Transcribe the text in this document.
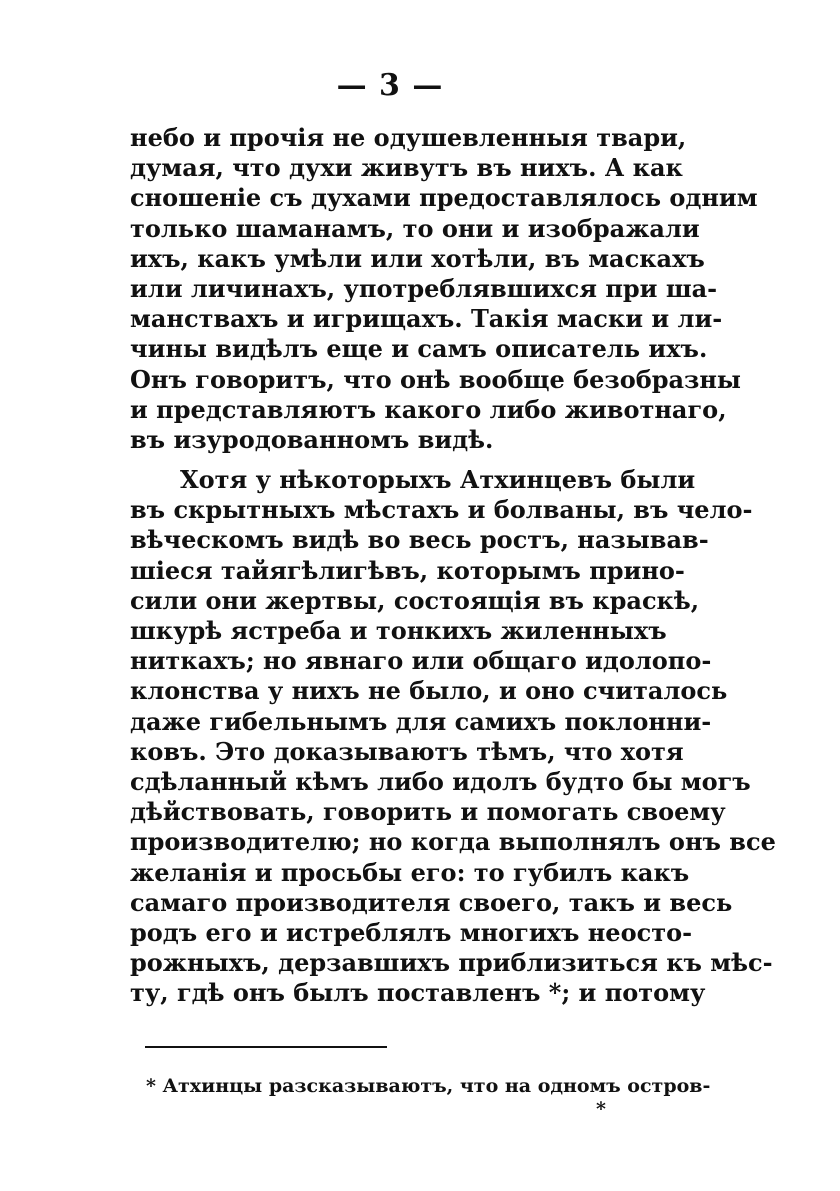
— 3 —
небо и прочія не одушевленныя твари,
думая, что духи живутъ въ нихъ. А как
сношеніе съ духами предоставлялось одним
только шаманамъ, то они и изображали
ихъ, какъ умѣли или хотѣли, въ маскахъ
или личинахъ, употреблявшихся при ша-
манствахъ и игрищахъ. Такія маски и ли-
чины видѣлъ еще и самъ описатель ихъ.
Онъ говоритъ, что онѣ вообще безобразны
и представляютъ какого либо животнаго,
въ изуродованномъ видѣ.
Хотя у нѣкоторыхъ Атхинцевъ были
въ скрытныхъ мѣстахъ и болваны, въ чело-
вѣческомъ видѣ во весь ростъ, называв-
шіеся тайягѣлигѣвъ, которымъ прино-
сили они жертвы, состоящія въ краскѣ,
шкурѣ ястреба и тонкихъ жиленныхъ
ниткахъ; но явнаго или общаго идолопо-
клонства у нихъ не было, и оно считалось
даже гибельнымъ для самихъ поклонни-
ковъ. Это доказываютъ тѣмъ, что хотя
сдѣланный кѣмъ либо идолъ будто бы могъ
дѣйствовать, говорить и помогать своему
производителю; но когда выполнялъ онъ все
желанія и просьбы его: то губилъ какъ
самаго производителя своего, такъ и весь
родъ его и истреблялъ многихъ неосто-
рожныхъ, дерзавшихъ приблизиться къ мѣс-
ту, гдѣ онъ былъ поставленъ *; и потому
* Атхинцы разсказываютъ, что на одномъ остров-
*
